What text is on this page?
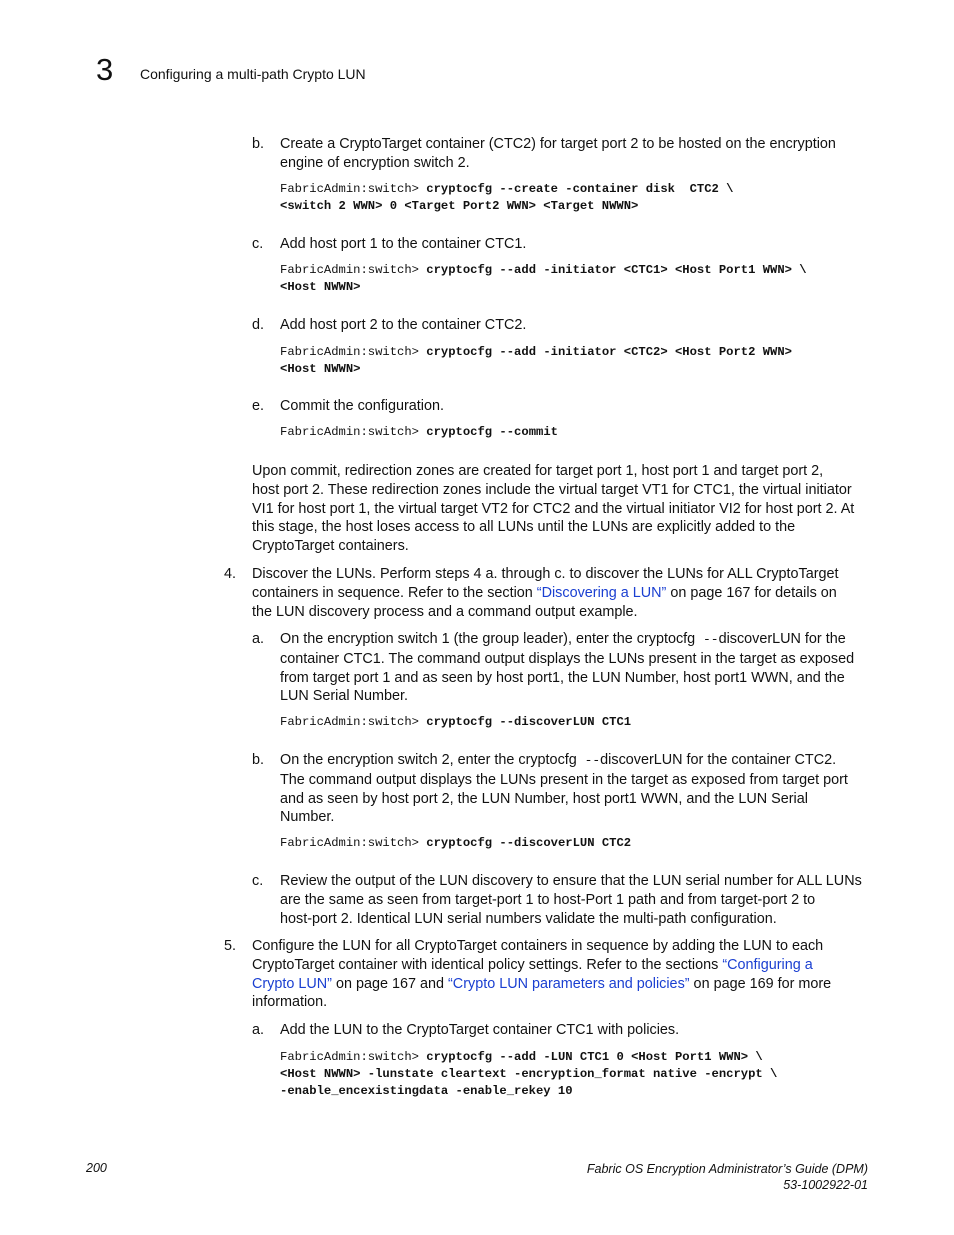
3 Configuring a multi-path Crypto LUN
b. Create a CryptoTarget container (CTC2) for target port 2 to be hosted on the encryption
engine of encryption switch 2.
FabricAdmin:switch> cryptocfg --create -container disk  CTC2 \
<switch 2 WWN> 0 <Target Port2 WWN> <Target NWWN>
c. Add host port 1 to the container CTC1.
FabricAdmin:switch> cryptocfg --add -initiator <CTC1> <Host Port1 WWN> \
<Host NWWN>
d. Add host port 2 to the container CTC2.
FabricAdmin:switch> cryptocfg --add -initiator <CTC2> <Host Port2 WWN>
<Host NWWN>
e. Commit the configuration.
FabricAdmin:switch> cryptocfg --commit
Upon commit, redirection zones are created for target port 1, host port 1 and target port 2,
host port 2. These redirection zones include the virtual target VT1 for CTC1, the virtual initiator
VI1 for host port 1, the virtual target VT2 for CTC2 and the virtual initiator VI2 for host port 2. At
this stage, the host loses access to all LUNs until the LUNs are explicitly added to the
CryptoTarget containers.
4. Discover the LUNs. Perform steps 4 a. through c. to discover the LUNs for ALL CryptoTarget
containers in sequence. Refer to the section “Discovering a LUN” on page 167 for details on
the LUN discovery process and a command output example.
a. On the encryption switch 1 (the group leader), enter the cryptocfg --discoverLUN for the
container CTC1. The command output displays the LUNs present in the target as exposed
from target port 1 and as seen by host port1, the LUN Number, host port1 WWN, and the
LUN Serial Number.
FabricAdmin:switch> cryptocfg --discoverLUN CTC1
b. On the encryption switch 2, enter the cryptocfg --discoverLUN for the container CTC2.
The command output displays the LUNs present in the target as exposed from target port
and as seen by host port 2, the LUN Number, host port1 WWN, and the LUN Serial
Number.
FabricAdmin:switch> cryptocfg --discoverLUN CTC2
c. Review the output of the LUN discovery to ensure that the LUN serial number for ALL LUNs
are the same as seen from target-port 1 to host-Port 1 path and from target-port 2 to
host-port 2. Identical LUN serial numbers validate the multi-path configuration.
5. Configure the LUN for all CryptoTarget containers in sequence by adding the LUN to each
CryptoTarget container with identical policy settings. Refer to the sections “Configuring a
Crypto LUN” on page 167 and “Crypto LUN parameters and policies” on page 169 for more
information.
a. Add the LUN to the CryptoTarget container CTC1 with policies.
FabricAdmin:switch> cryptocfg --add -LUN CTC1 0 <Host Port1 WWN> \
<Host NWWN> -lunstate cleartext -encryption_format native -encrypt \
-enable_encexistingdata -enable_rekey 10
200	Fabric OS Encryption Administrator’s Guide (DPM)
53-1002922-01
